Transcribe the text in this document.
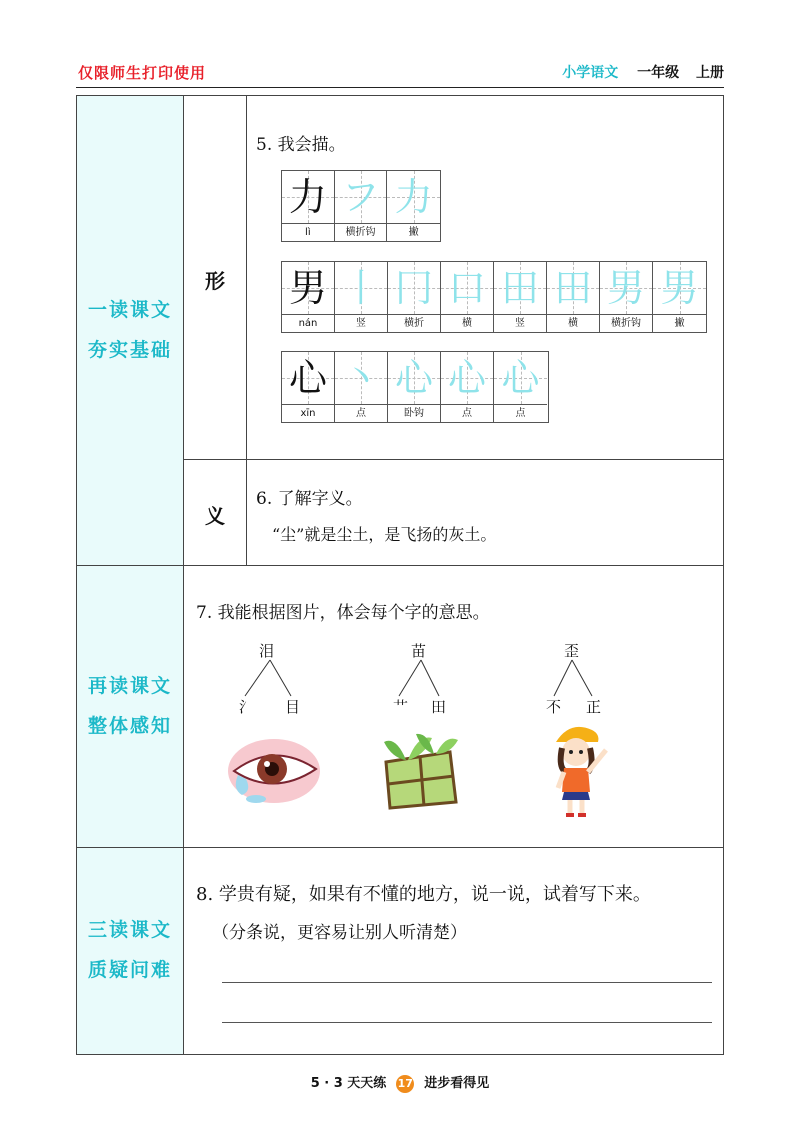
仅限师生打印使用	小学语文 一年级 上册
一读课文
夯实基础
再读课文
整体感知
三读课文
质疑问难
形
义
5. 我会描。
力
lì
フ
横折钩
力
撇
男
nán
丨
竖
冂
横折
口
横
田
竖
田
横
男
横折钩
男
撇
心
xīn
丶
点
心
卧钩
心
点
心
点
6. 了解字义。
“尘”就是尘土，是飞扬的灰土。
7. 我能根据图片，体会每个字的意思。
泪
氵 目
苗
艹 田
歪
不 正
8. 学贵有疑，如果有不懂的地方，说一说，试着写下来。
（分条说，更容易让别人听清楚）
5 · 3 天天练 17 进步看得见
